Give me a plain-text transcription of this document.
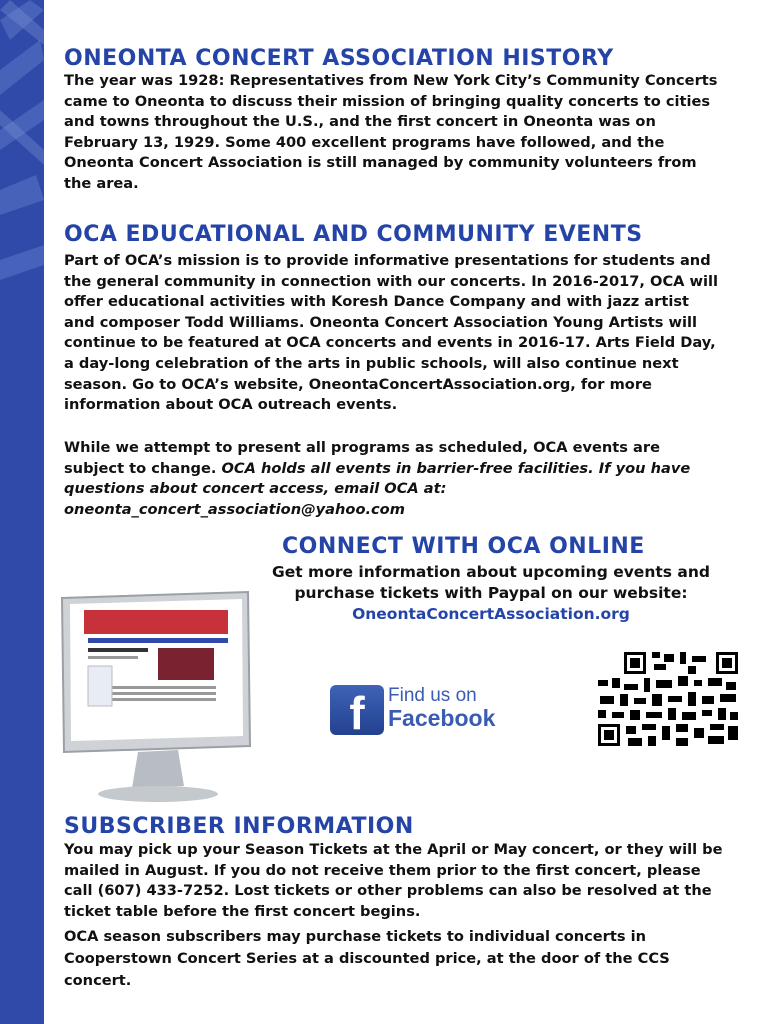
ONEONTA CONCERT ASSOCIATION HISTORY

The year was 1928: Representatives from New York City’s Community Concerts came to Oneonta to discuss their mission of bringing quality concerts to cities and towns throughout the U.S., and the first concert in Oneonta was on February 13, 1929. Some 400 excellent programs have followed, and the Oneonta Concert Association is still managed by community volunteers from the area.

OCA EDUCATIONAL AND COMMUNITY EVENTS

Part of OCA’s mission is to provide informative presentations for students and the general community in connection with our concerts. In 2016-2017, OCA will offer educational activities with Koresh Dance Company and with jazz artist and composer Todd Williams. Oneonta Concert Association Young Artists will continue to be featured at OCA concerts and events in 2016-17. Arts Field Day, a day-long celebration of the arts in public schools, will also continue next season. Go to OCA’s website, OneontaConcertAssociation.org, for more information about OCA outreach events.

While we attempt to present all programs as scheduled, OCA events are subject to change. OCA holds all events in barrier-free facilities. If you have questions about concert access, email OCA at: oneonta_concert_association@yahoo.com

CONNECT WITH OCA ONLINE

Get more information about upcoming events and purchase tickets with Paypal on our website: OneontaConcertAssociation.org

SUBSCRIBER INFORMATION

You may pick up your Season Tickets at the April or May concert, or they will be mailed in August. If you do not receive them prior to the first concert, please call (607) 433-7252. Lost tickets or other problems can also be resolved at the ticket table before the first concert begins.

OCA season subscribers may purchase tickets to individual concerts in Cooperstown Concert Series at a discounted price, at the door of the CCS concert.

f	Find us on
Facebook
